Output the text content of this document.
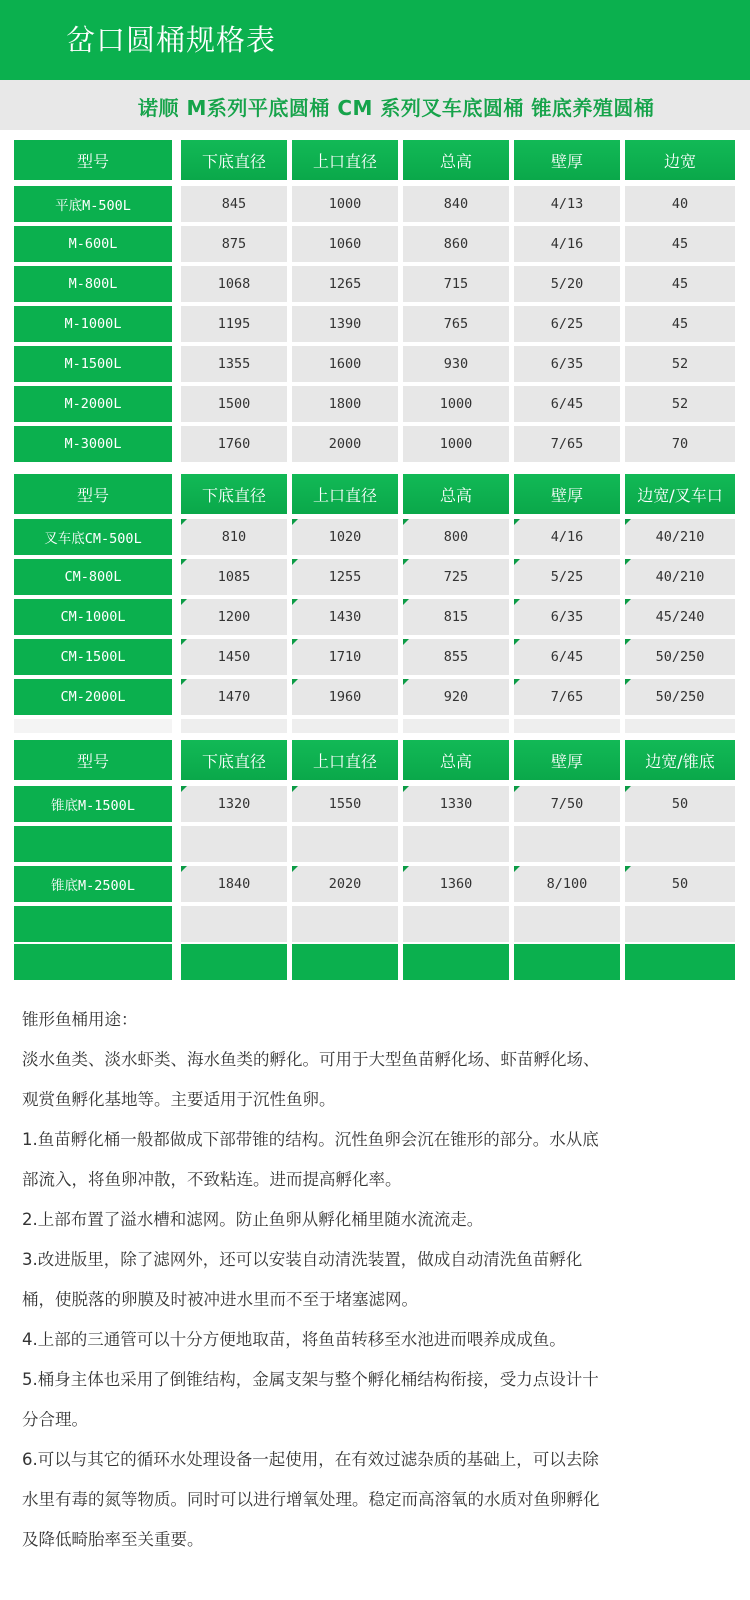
岔口圆桶规格表
诺顺 M系列平底圆桶 CM 系列叉车底圆桶 锥底养殖圆桶
型号	下底直径	上口直径	总高	壁厚	边宽
平底M-500L	845	1000	840	4/13	40
M-600L	875	1060	860	4/16	45
M-800L	1068	1265	715	5/20	45
M-1000L	1195	1390	765	6/25	45
M-1500L	1355	1600	930	6/35	52
M-2000L	1500	1800	1000	6/45	52
M-3000L	1760	2000	1000	7/65	70
型号	下底直径	上口直径	总高	壁厚	边宽/叉车口
叉车底CM-500L	810	1020	800	4/16	40/210
CM-800L	1085	1255	725	5/25	40/210
CM-1000L	1200	1430	815	6/35	45/240
CM-1500L	1450	1710	855	6/45	50/250
CM-2000L	1470	1960	920	7/65	50/250
型号	下底直径	上口直径	总高	壁厚	边宽/锥底
锥底M-1500L	1320	1550	1330	7/50	50
锥底M-2500L	1840	2020	1360	8/100	50

锥形鱼桶用途：

淡水鱼类、淡水虾类、海水鱼类的孵化。可用于大型鱼苗孵化场、虾苗孵化场、

观赏鱼孵化基地等。主要适用于沉性鱼卵。

1.鱼苗孵化桶一般都做成下部带锥的结构。沉性鱼卵会沉在锥形的部分。水从底

部流入，将鱼卵冲散，不致粘连。进而提高孵化率。

2.上部布置了溢水槽和滤网。防止鱼卵从孵化桶里随水流流走。

3.改进版里，除了滤网外，还可以安装自动清洗装置，做成自动清洗鱼苗孵化

桶，使脱落的卵膜及时被冲进水里而不至于堵塞滤网。

4.上部的三通管可以十分方便地取苗，将鱼苗转移至水池进而喂养成成鱼。

5.桶身主体也采用了倒锥结构，金属支架与整个孵化桶结构衔接，受力点设计十

分合理。

6.可以与其它的循环水处理设备一起使用，在有效过滤杂质的基础上，可以去除

水里有毒的氮等物质。同时可以进行增氧处理。稳定而高溶氧的水质对鱼卵孵化

及降低畸胎率至关重要。
